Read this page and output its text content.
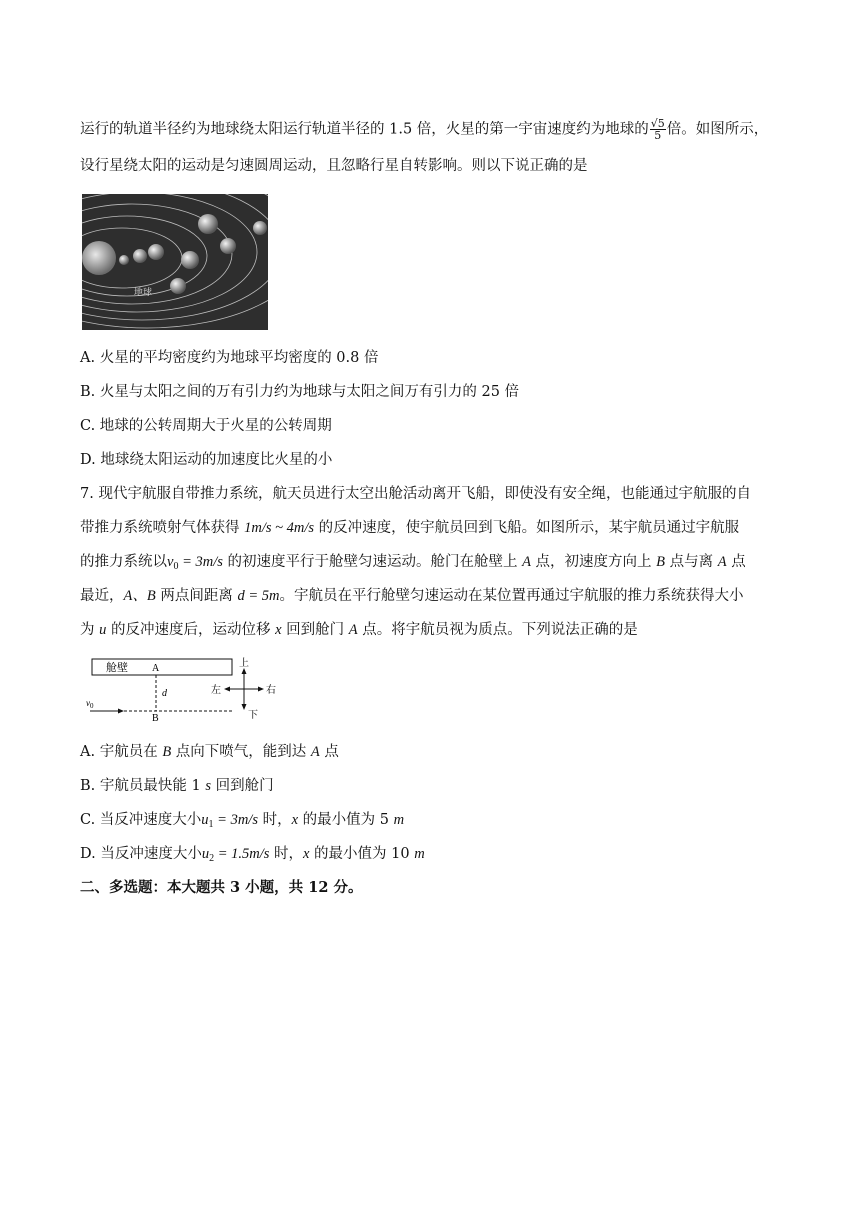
运行的轨道半径约为地球绕太阳运行轨道半径的 1.5 倍，火星的第一宇宙速度约为地球的 $\frac{√5}{5}$ 倍。如图所示，
设行星绕太阳的运动是匀速圆周运动，且忽略行星自转影响。则以下说正确的是
地球
A. 火星的平均密度约为地球平均密度的 0.8 倍
B. 火星与太阳之间的万有引力约为地球与太阳之间万有引力的 25 倍
C. 地球的公转周期大于火星的公转周期
D. 地球绕太阳运动的加速度比火星的小
7. 现代宇航服自带推力系统，航天员进行太空出舱活动离开飞船，即使没有安全绳，也能通过宇航服的自
带推力系统喷射气体获得 1m/s ~ 4m/s 的反冲速度，使宇航员回到飞船。如图所示，某宇航员通过宇航服
的推力系统以$v_0 = 3m/s$ 的初速度平行于舱壁匀速运动。舱门在舱壁上 A 点，初速度方向上 B 点与离 A 点
最近，A、B 两点间距离 d = 5m。宇航员在平行舱壁匀速运动在某位置再通过宇航服的推力系统获得大小
为 u 的反冲速度后，运动位移 x 回到舱门 A 点。将宇航员视为质点。下列说法正确的是
舱壁 A
d
$v_0$
B
上
下
左	右
A. 宇航员在 B 点向下喷气，能到达 A 点
B. 宇航员最快能 1 s 回到舱门
C. 当反冲速度大小$u_1 = 3m/s$ 时，x 的最小值为 5 m
D. 当反冲速度大小$u_2 = 1.5m/s$ 时，x 的最小值为 10 m
二、多选题：本大题共 3 小题，共 12 分。
